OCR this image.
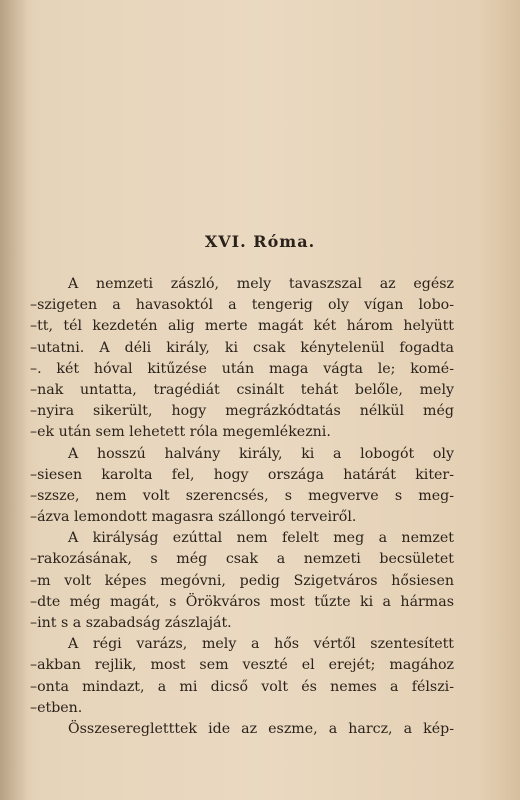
XVI. Róma.
A nemzeti zászló, mely tavaszszal az egész
–szigeten a havasoktól a tengerig oly vígan lobo-
–tt, tél kezdetén alig merte magát két három helyütt
–utatni. A déli király, ki csak kénytelenül fogadta
–. két hóval kitűzése után maga vágta le; komé-
–nak untatta, tragédiát csinált tehát belőle, mely
–nyira sikerült, hogy megrázkódtatás nélkül még
–ek után sem lehetett róla megemlékezni.
A hosszú halvány király, ki a lobogót oly
–siesen karolta fel, hogy országa határát kiter-
–szsze, nem volt szerencsés, s megverve s meg-
–ázva lemondott magasra szállongó terveiről.
A királyság ezúttal nem felelt meg a nemzet
–rakozásának, s még csak a nemzeti becsületet
–m volt képes megóvni, pedig Szigetváros hősiesen
–dte még magát, s Örökváros most tűzte ki a hármas
–int s a szabadság zászlaját.
A régi varázs, mely a hős vértől szentesített
–akban rejlik, most sem veszté el erejét; magához
–onta mindazt, a mi dicső volt és nemes a félszi-
–etben.
Összeseregletttek ide az eszme, a harcz, a kép-
